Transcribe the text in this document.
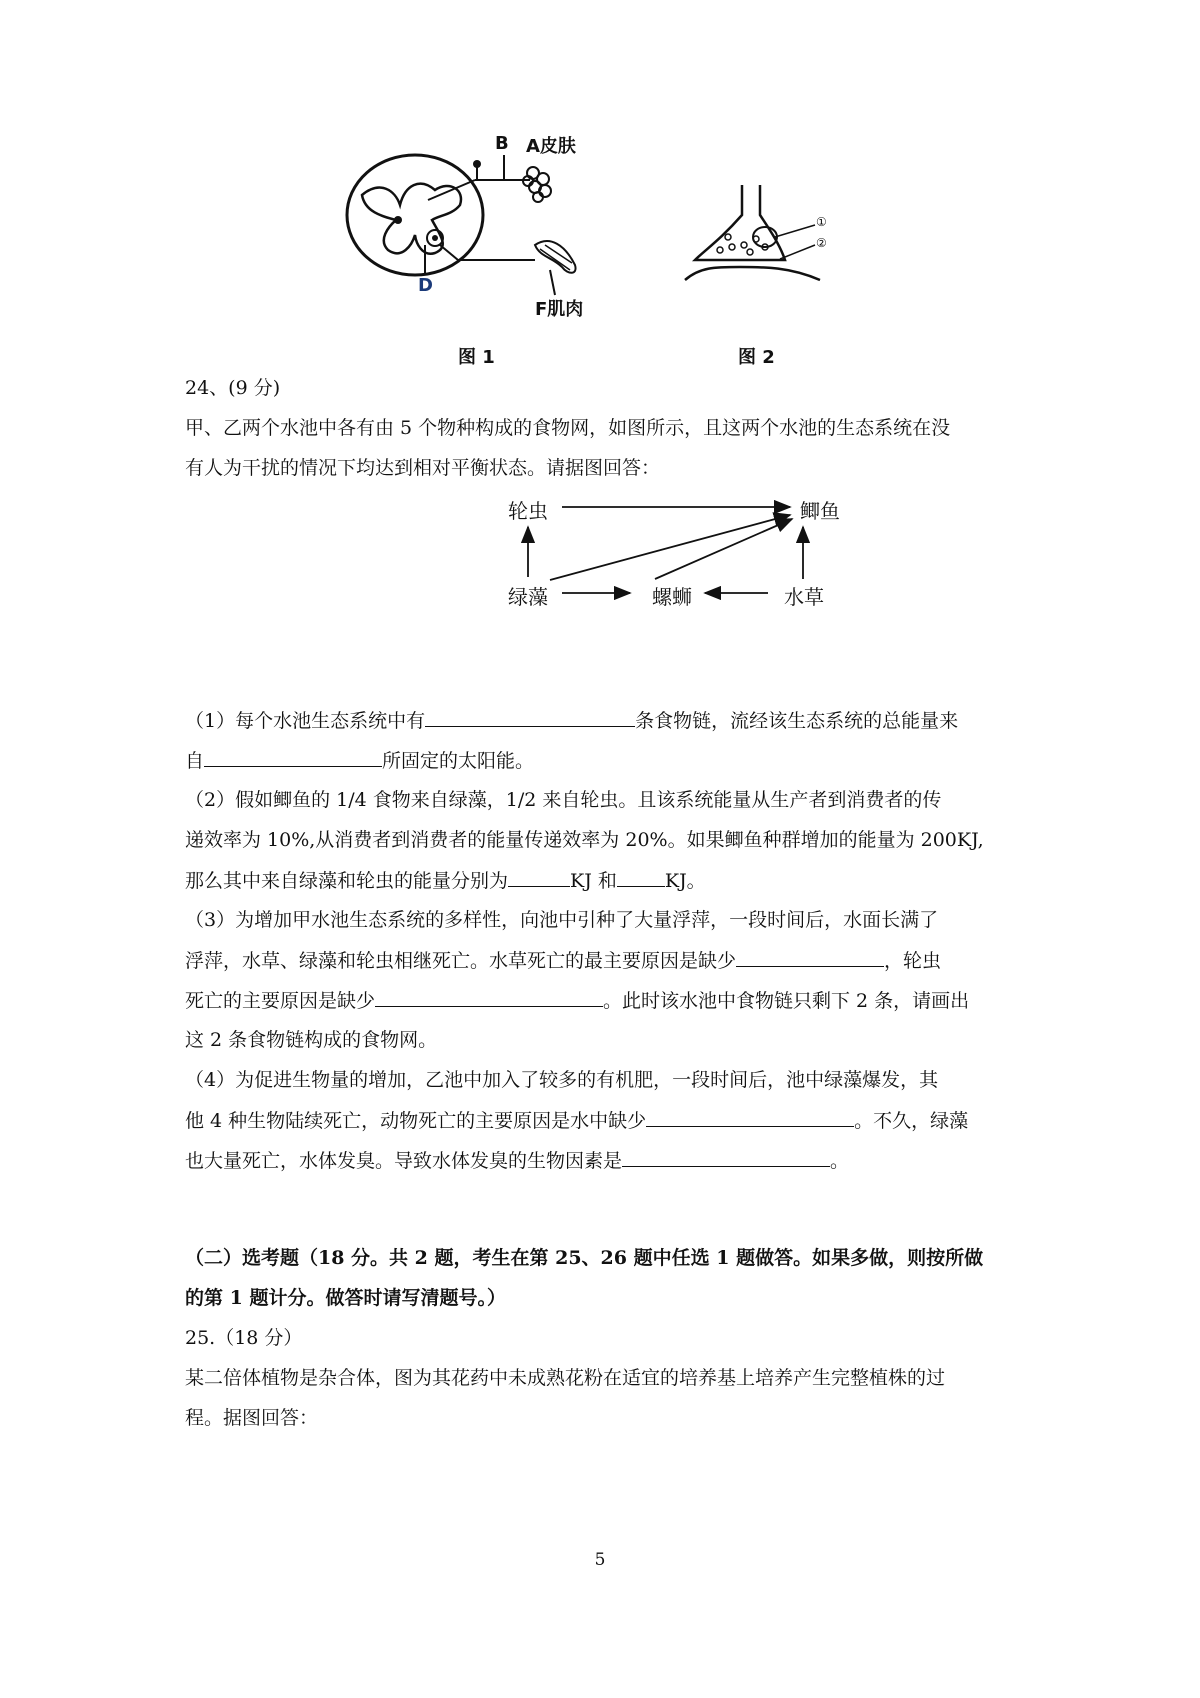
B A皮肤
D
F肌肉
图 1
①
②
图 2
24、(9 分)
甲、乙两个水池中各有由 5 个物种构成的食物网，如图所示，且这两个水池的生态系统在没
有人为干扰的情况下均达到相对平衡状态。请据图回答：
轮虫	鲫鱼
绿藻	螺蛳	水草
（1）每个水池生态系统中有	条食物链，流经该生态系统的总能量来
自	所固定的太阳能。
（2）假如鲫鱼的 1/4 食物来自绿藻，1/2 来自轮虫。且该系统能量从生产者到消费者的传
递效率为 10%,从消费者到消费者的能量传递效率为 20%。如果鲫鱼种群增加的能量为 200KJ,
那么其中来自绿藻和轮虫的能量分别为	KJ 和	KJ。
（3）为增加甲水池生态系统的多样性，向池中引种了大量浮萍，一段时间后，水面长满了
浮萍，水草、绿藻和轮虫相继死亡。水草死亡的最主要原因是缺少	，轮虫
死亡的主要原因是缺少	。此时该水池中食物链只剩下 2 条，请画出
这 2 条食物链构成的食物网。
（4）为促进生物量的增加，乙池中加入了较多的有机肥，一段时间后，池中绿藻爆发，其
他 4 种生物陆续死亡，动物死亡的主要原因是水中缺少	。不久，绿藻
也大量死亡，水体发臭。导致水体发臭的生物因素是	。
（二）选考题（18 分。共 2 题，考生在第 25、26 题中任选 1 题做答。如果多做，则按所做
的第 1 题计分。做答时请写清题号。）
25.（18 分）
某二倍体植物是杂合体，图为其花药中未成熟花粉在适宜的培养基上培养产生完整植株的过
程。据图回答：
5
